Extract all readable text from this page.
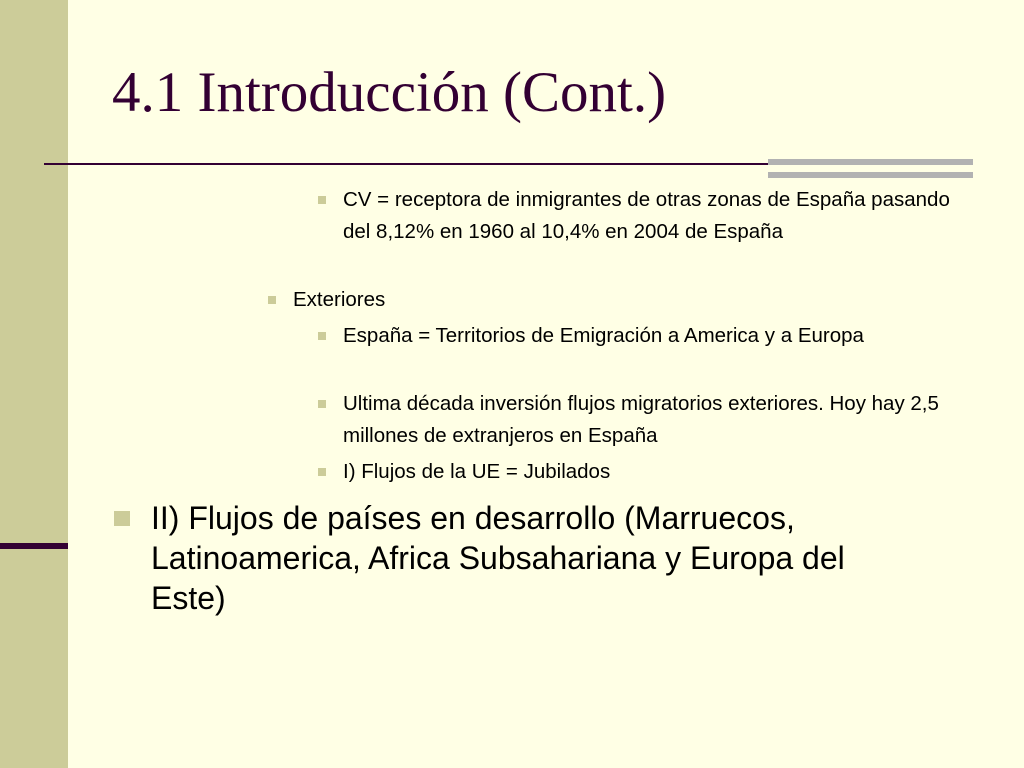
4.1 Introducción (Cont.)
CV = receptora de inmigrantes de otras zonas de España pasando del 8,12% en 1960 al 10,4% en 2004 de España
Exteriores
España = Territorios de Emigración a America y a Europa
Ultima década inversión flujos migratorios exteriores. Hoy hay 2,5 millones de extranjeros en España
I) Flujos de la UE = Jubilados
II) Flujos de países en desarrollo (Marruecos, Latinoamerica, Africa Subsahariana y Europa del Este)
